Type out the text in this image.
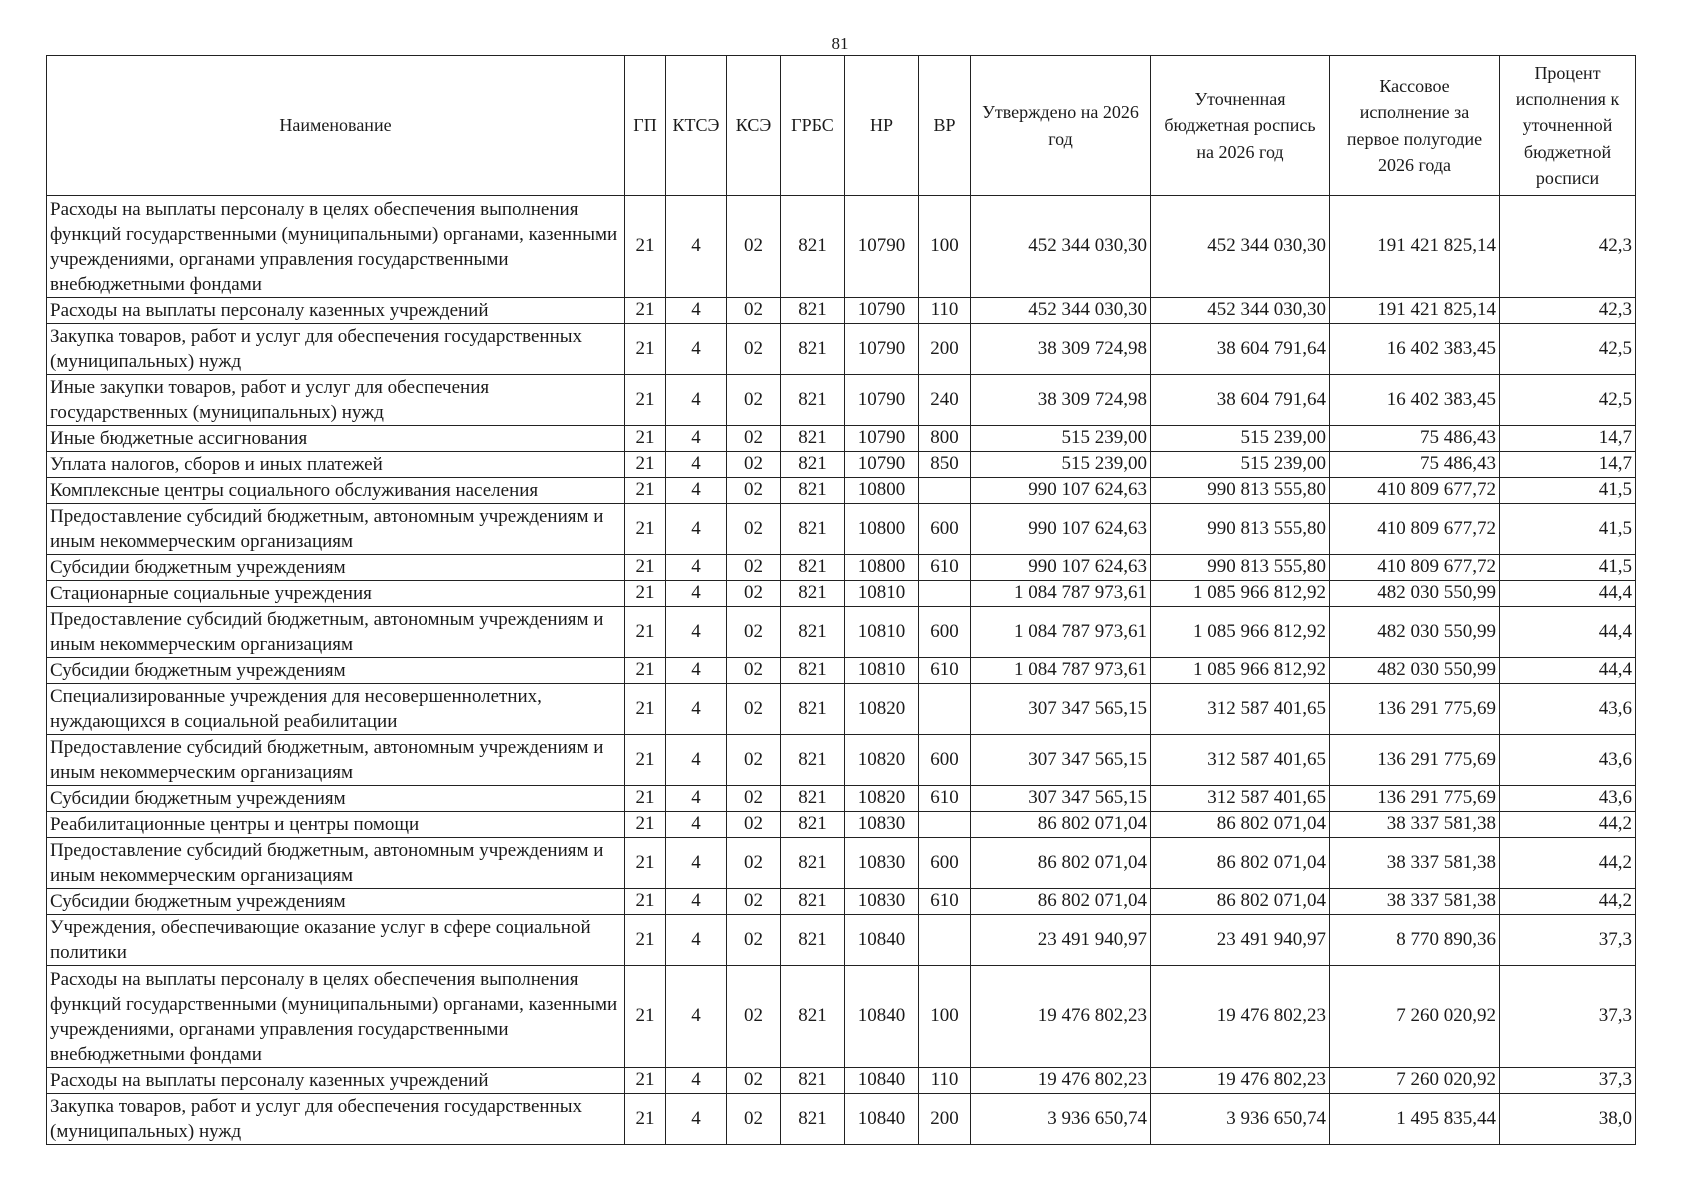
81
Наименование	ГП	КТСЭ	КСЭ	ГРБС	НР	ВР	Утверждено на 2026 год	Уточненная бюджетная роспись на 2026 год	Кассовое исполнение за первое полугодие 2026 года	Процент исполнения к уточненной бюджетной росписи
Расходы на выплаты персоналу в целях обеспечения выполнения функций государственными (муниципальными) органами, казенными учреждениями, органами управления государственными внебюджетными фондами	21	4	02	821	10790	100	452 344 030,30	452 344 030,30	191 421 825,14	42,3
Расходы на выплаты персоналу казенных учреждений	21	4	02	821	10790	110	452 344 030,30	452 344 030,30	191 421 825,14	42,3
Закупка товаров, работ и услуг для обеспечения государственных (муниципальных) нужд	21	4	02	821	10790	200	38 309 724,98	38 604 791,64	16 402 383,45	42,5
Иные закупки товаров, работ и услуг для обеспечения государственных (муниципальных) нужд	21	4	02	821	10790	240	38 309 724,98	38 604 791,64	16 402 383,45	42,5
Иные бюджетные ассигнования	21	4	02	821	10790	800	515 239,00	515 239,00	75 486,43	14,7
Уплата налогов, сборов и иных платежей	21	4	02	821	10790	850	515 239,00	515 239,00	75 486,43	14,7
Комплексные центры социального обслуживания населения	21	4	02	821	10800		990 107 624,63	990 813 555,80	410 809 677,72	41,5
Предоставление субсидий бюджетным, автономным учреждениям и иным некоммерческим организациям	21	4	02	821	10800	600	990 107 624,63	990 813 555,80	410 809 677,72	41,5
Субсидии бюджетным учреждениям	21	4	02	821	10800	610	990 107 624,63	990 813 555,80	410 809 677,72	41,5
Стационарные социальные учреждения	21	4	02	821	10810		1 084 787 973,61	1 085 966 812,92	482 030 550,99	44,4
Предоставление субсидий бюджетным, автономным учреждениям и иным некоммерческим организациям	21	4	02	821	10810	600	1 084 787 973,61	1 085 966 812,92	482 030 550,99	44,4
Субсидии бюджетным учреждениям	21	4	02	821	10810	610	1 084 787 973,61	1 085 966 812,92	482 030 550,99	44,4
Специализированные учреждения для несовершеннолетних, нуждающихся в социальной реабилитации	21	4	02	821	10820		307 347 565,15	312 587 401,65	136 291 775,69	43,6
Предоставление субсидий бюджетным, автономным учреждениям и иным некоммерческим организациям	21	4	02	821	10820	600	307 347 565,15	312 587 401,65	136 291 775,69	43,6
Субсидии бюджетным учреждениям	21	4	02	821	10820	610	307 347 565,15	312 587 401,65	136 291 775,69	43,6
Реабилитационные центры и центры помощи	21	4	02	821	10830		86 802 071,04	86 802 071,04	38 337 581,38	44,2
Предоставление субсидий бюджетным, автономным учреждениям и иным некоммерческим организациям	21	4	02	821	10830	600	86 802 071,04	86 802 071,04	38 337 581,38	44,2
Субсидии бюджетным учреждениям	21	4	02	821	10830	610	86 802 071,04	86 802 071,04	38 337 581,38	44,2
Учреждения, обеспечивающие оказание услуг в сфере социальной политики	21	4	02	821	10840		23 491 940,97	23 491 940,97	8 770 890,36	37,3
Расходы на выплаты персоналу в целях обеспечения выполнения функций государственными (муниципальными) органами, казенными учреждениями, органами управления государственными внебюджетными фондами	21	4	02	821	10840	100	19 476 802,23	19 476 802,23	7 260 020,92	37,3
Расходы на выплаты персоналу казенных учреждений	21	4	02	821	10840	110	19 476 802,23	19 476 802,23	7 260 020,92	37,3
Закупка товаров, работ и услуг для обеспечения государственных (муниципальных) нужд	21	4	02	821	10840	200	3 936 650,74	3 936 650,74	1 495 835,44	38,0
